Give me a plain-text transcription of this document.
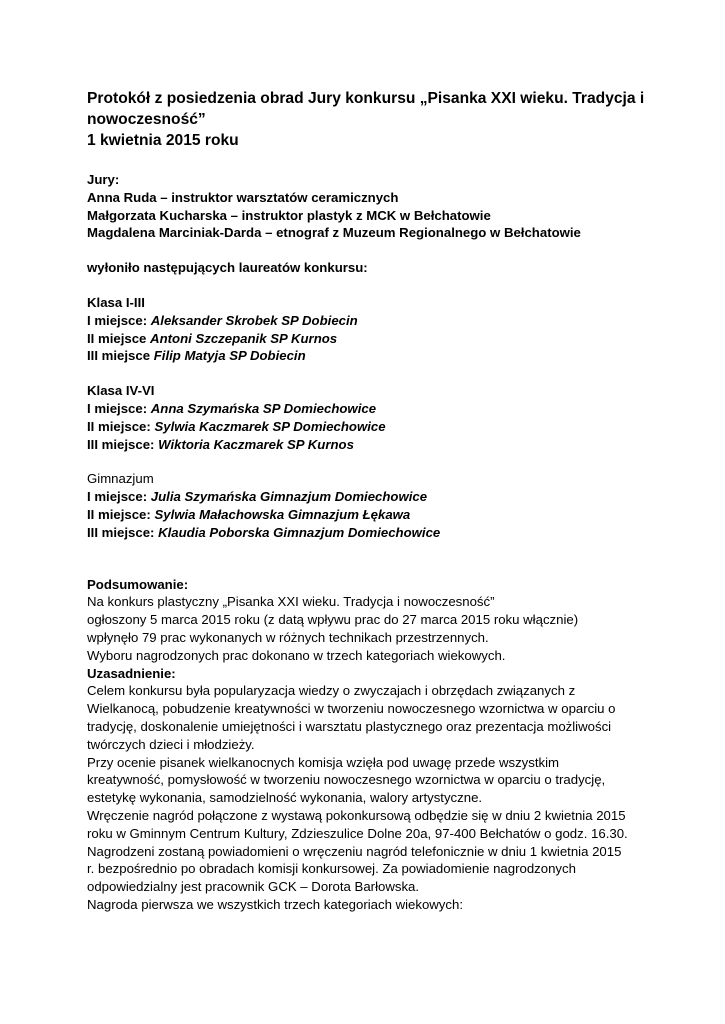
Protokół z posiedzenia obrad Jury konkursu „Pisanka XXI wieku. Tradycja i
nowoczesność”
1 kwietnia 2015 roku
Jury:
Anna Ruda – instruktor warsztatów ceramicznych
Małgorzata Kucharska – instruktor plastyk z MCK w Bełchatowie
Magdalena Marciniak-Darda – etnograf z Muzeum Regionalnego w Bełchatowie
wyłoniło następujących laureatów konkursu:
Klasa I-III
I miejsce: Aleksander Skrobek SP Dobiecin
II miejsce Antoni Szczepanik SP Kurnos
III miejsce Filip Matyja SP Dobiecin
Klasa IV-VI
I miejsce: Anna Szymańska SP Domiechowice
II miejsce: Sylwia Kaczmarek SP Domiechowice
III miejsce: Wiktoria Kaczmarek SP Kurnos
Gimnazjum
I miejsce: Julia Szymańska Gimnazjum Domiechowice
II miejsce: Sylwia Małachowska Gimnazjum Łękawa
III miejsce: Klaudia Poborska Gimnazjum Domiechowice
Podsumowanie:
Na konkurs plastyczny „Pisanka XXI wieku. Tradycja i nowoczesność”
ogłoszony 5 marca 2015 roku (z datą wpływu prac do 27 marca 2015 roku włącznie)
wpłynęło 79 prac wykonanych w różnych technikach przestrzennych.
Wyboru nagrodzonych prac dokonano w trzech kategoriach wiekowych.
Uzasadnienie:
Celem konkursu była popularyzacja wiedzy o zwyczajach i obrzędach związanych z
Wielkanocą, pobudzenie kreatywności w tworzeniu nowoczesnego wzornictwa w oparciu o
tradycję, doskonalenie umiejętności i warsztatu plastycznego oraz prezentacja możliwości
twórczych dzieci i młodzieży.
Przy ocenie pisanek wielkanocnych komisja wzięła pod uwagę przede wszystkim
kreatywność, pomysłowość w tworzeniu nowoczesnego wzornictwa w oparciu o tradycję,
estetykę wykonania, samodzielność wykonania, walory artystyczne.
Wręczenie nagród połączone z wystawą pokonkursową odbędzie się w dniu 2 kwietnia 2015
roku w Gminnym Centrum Kultury, Zdzieszulice Dolne 20a, 97-400 Bełchatów o godz. 16.30.
Nagrodzeni zostaną powiadomieni o wręczeniu nagród telefonicznie w dniu 1 kwietnia 2015
r. bezpośrednio po obradach komisji konkursowej. Za powiadomienie nagrodzonych
odpowiedzialny jest pracownik GCK – Dorota Barłowska.
Nagroda pierwsza we wszystkich trzech kategoriach wiekowych:
